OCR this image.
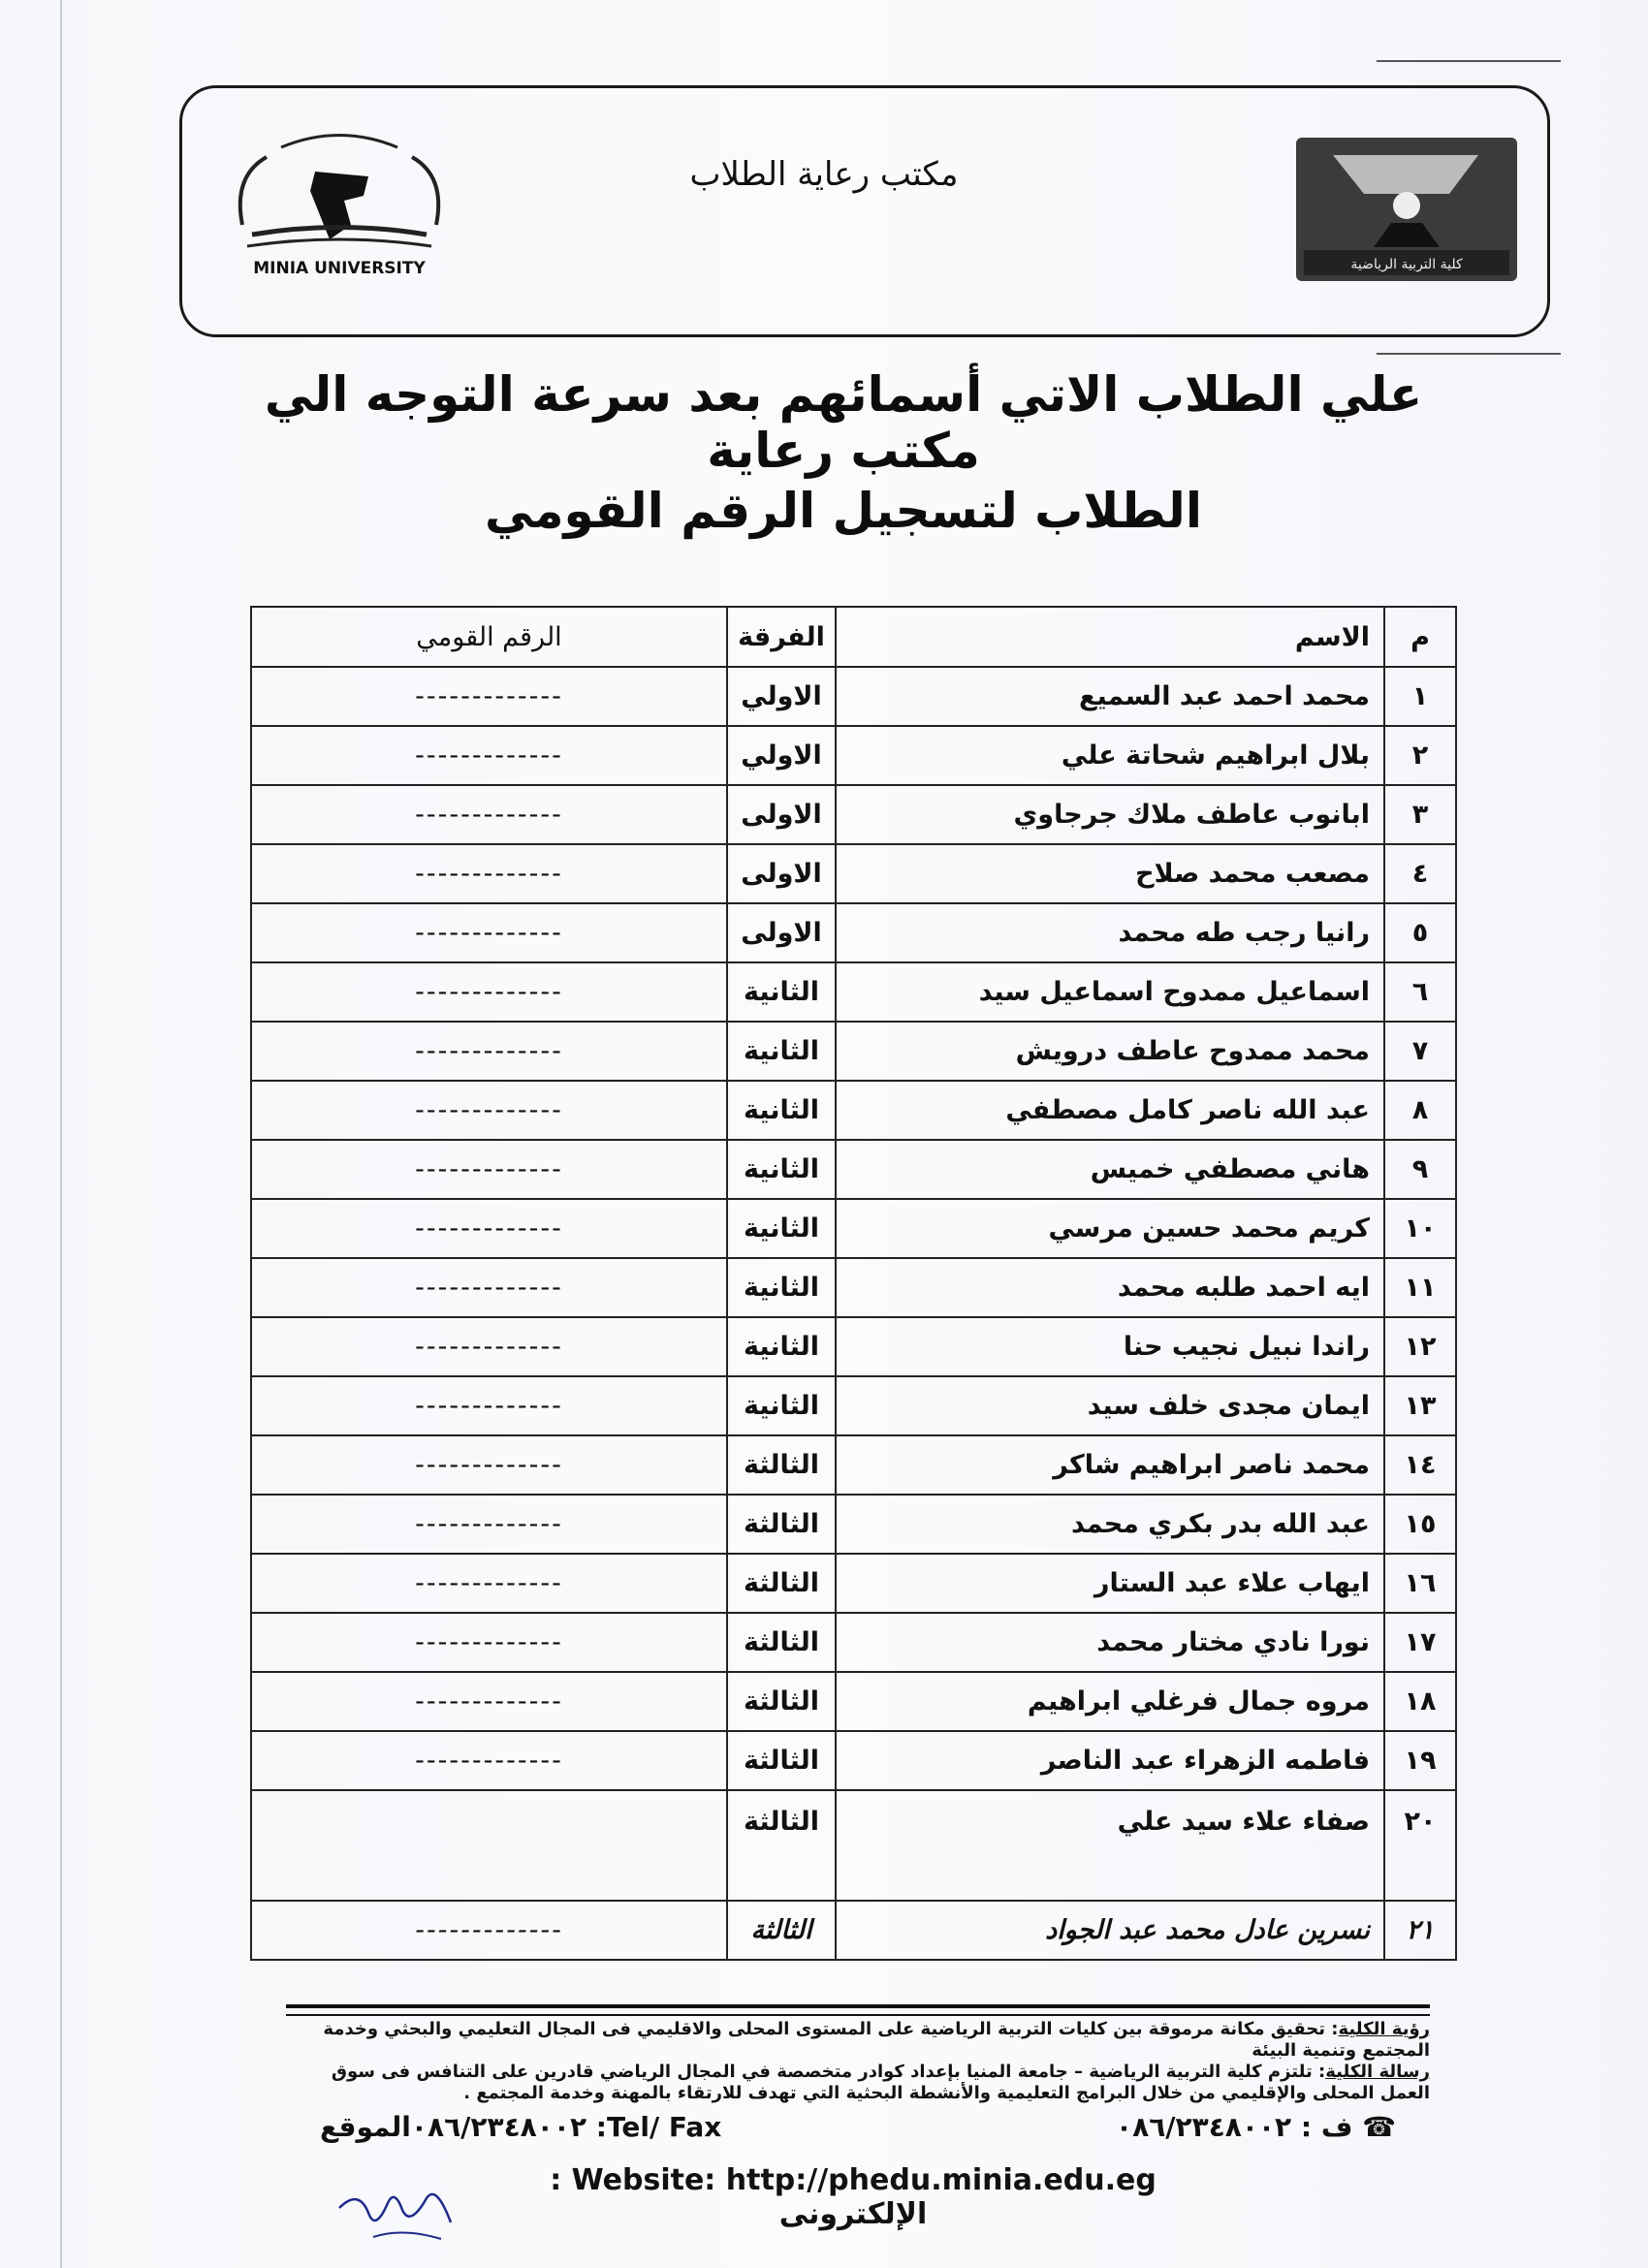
MINIA UNIVERSITY
مكتب رعاية الطلاب
كلية التربية الرياضية
علي الطلاب الاتي أسمائهم بعد سرعة التوجه الي مكتب رعاية
الطلاب لتسجيل الرقم القومي
م	الاسم	الفرقة	الرقم القومي
١	محمد احمد عبد السميع	الاولي	-------------
٢	بلال ابراهيم شحاتة علي	الاولي	-------------
٣	ابانوب عاطف ملاك جرجاوي	الاولى	-------------
٤	مصعب محمد صلاح	الاولى	-------------
٥	رانيا رجب طه محمد	الاولى	-------------
٦	اسماعيل ممدوح اسماعيل سيد	الثانية	-------------
٧	محمد ممدوح عاطف درويش	الثانية	-------------
٨	عبد الله ناصر كامل مصطفي	الثانية	-------------
٩	هاني مصطفي خميس	الثانية	-------------
١٠	كريم محمد حسين مرسي	الثانية	-------------
١١	ايه احمد طلبه محمد	الثانية	-------------
١٢	راندا نبيل نجيب حنا	الثانية	-------------
١٣	ايمان مجدى خلف سيد	الثانية	-------------
١٤	محمد ناصر ابراهيم شاكر	الثالثة	-------------
١٥	عبد الله بدر بكري محمد	الثالثة	-------------
١٦	ايهاب علاء عبد الستار	الثالثة	-------------
١٧	نورا نادي مختار محمد	الثالثة	-------------
١٨	مروه جمال فرغلي ابراهيم	الثالثة	-------------
١٩	فاطمه الزهراء عبد الناصر	الثالثة	-------------
٢٠	صفاء علاء سيد علي	الثالثة	
٢١	نسرين عادل محمد عبد الجواد	الثالثة	-------------
رؤية الكلية: تحقيق مكانة مرموقة بين كليات التربية الرياضية على المستوى المحلى والاقليمي فى المجال التعليمي والبحثي وخدمة المجتمع وتنمية البيئة
رسالة الكلية: تلتزم كلية التربية الرياضية – جامعة المنيا بإعداد كوادر متخصصة في المجال الرياضي قادرين على التنافس فى سوق العمل المحلى والإقليمي من خلال البرامج التعليمية والأنشطة البحثية التي تهدف للارتقاء بالمهنة وخدمة المجتمع .
☎ ف : ٠٨٦/٢٣٤٨٠٠٢
Tel/ Fax: ٠٨٦/٢٣٤٨٠٠٢الموقع
Website: http://phedu.minia.edu.eg : الإلكترونى
